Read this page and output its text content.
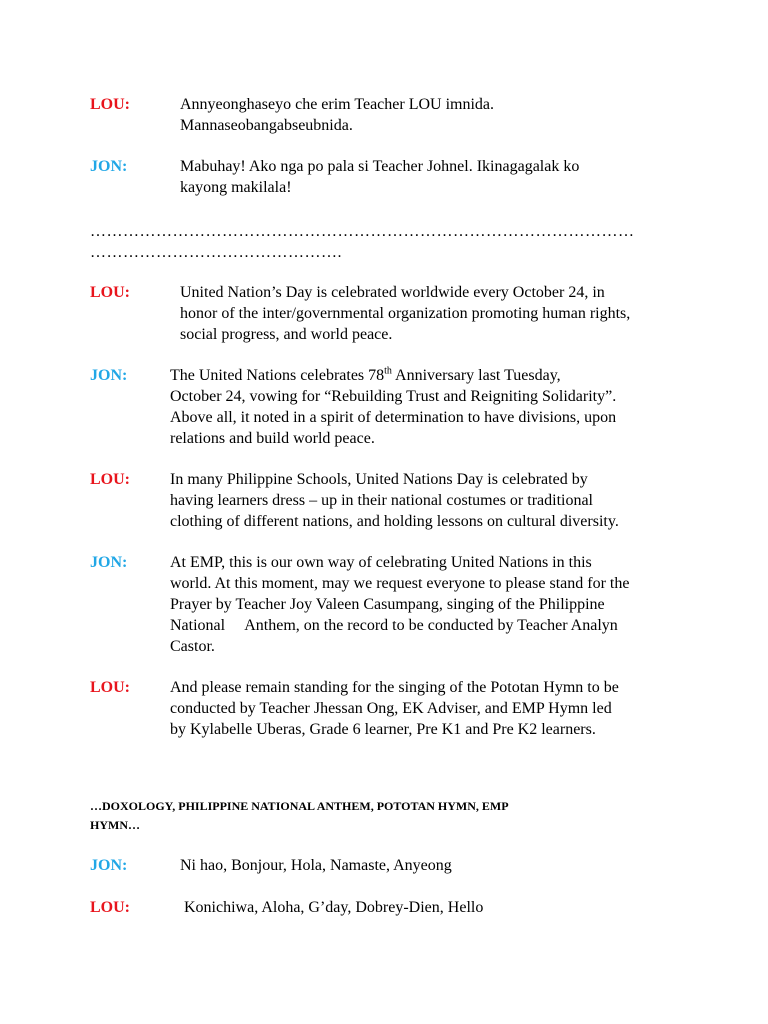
LOU:	Annyeonghaseyo che erim Teacher LOU imnida.
Mannaseobangabseubnida.
JON:	Mabuhay! Ako nga po pala si Teacher Johnel. Ikinagagalak ko
kayong makilala!
………………………………………………………………………………………
……………………………………….
LOU:	United Nation’s Day is celebrated worldwide every October 24, in
honor of the inter/governmental organization promoting human rights,
social progress, and world peace.
JON:	The United Nations celebrates 78th Anniversary last Tuesday,
October 24, vowing for “Rebuilding Trust and Reigniting Solidarity”.
Above all, it noted in a spirit of determination to have divisions, upon
relations and build world peace.
LOU:	In many Philippine Schools, United Nations Day is celebrated by
having learners dress – up in their national costumes or traditional
clothing of different nations, and holding lessons on cultural diversity.
JON:	At EMP, this is our own way of celebrating United Nations in this
world. At this moment, may we request everyone to please stand for the
Prayer by Teacher Joy Valeen Casumpang, singing of the Philippine
National     Anthem, on the record to be conducted by Teacher Analyn
Castor.
LOU:	And please remain standing for the singing of the Pototan Hymn to be
conducted by Teacher Jhessan Ong, EK Adviser, and EMP Hymn led
by Kylabelle Uberas, Grade 6 learner, Pre K1 and Pre K2 learners.
…DOXOLOGY, PHILIPPINE NATIONAL ANTHEM, POTOTAN HYMN, EMP
HYMN…
JON:	Ni hao, Bonjour, Hola, Namaste, Anyeong
LOU:	Konichiwa, Aloha, G’day, Dobrey-Dien, Hello
